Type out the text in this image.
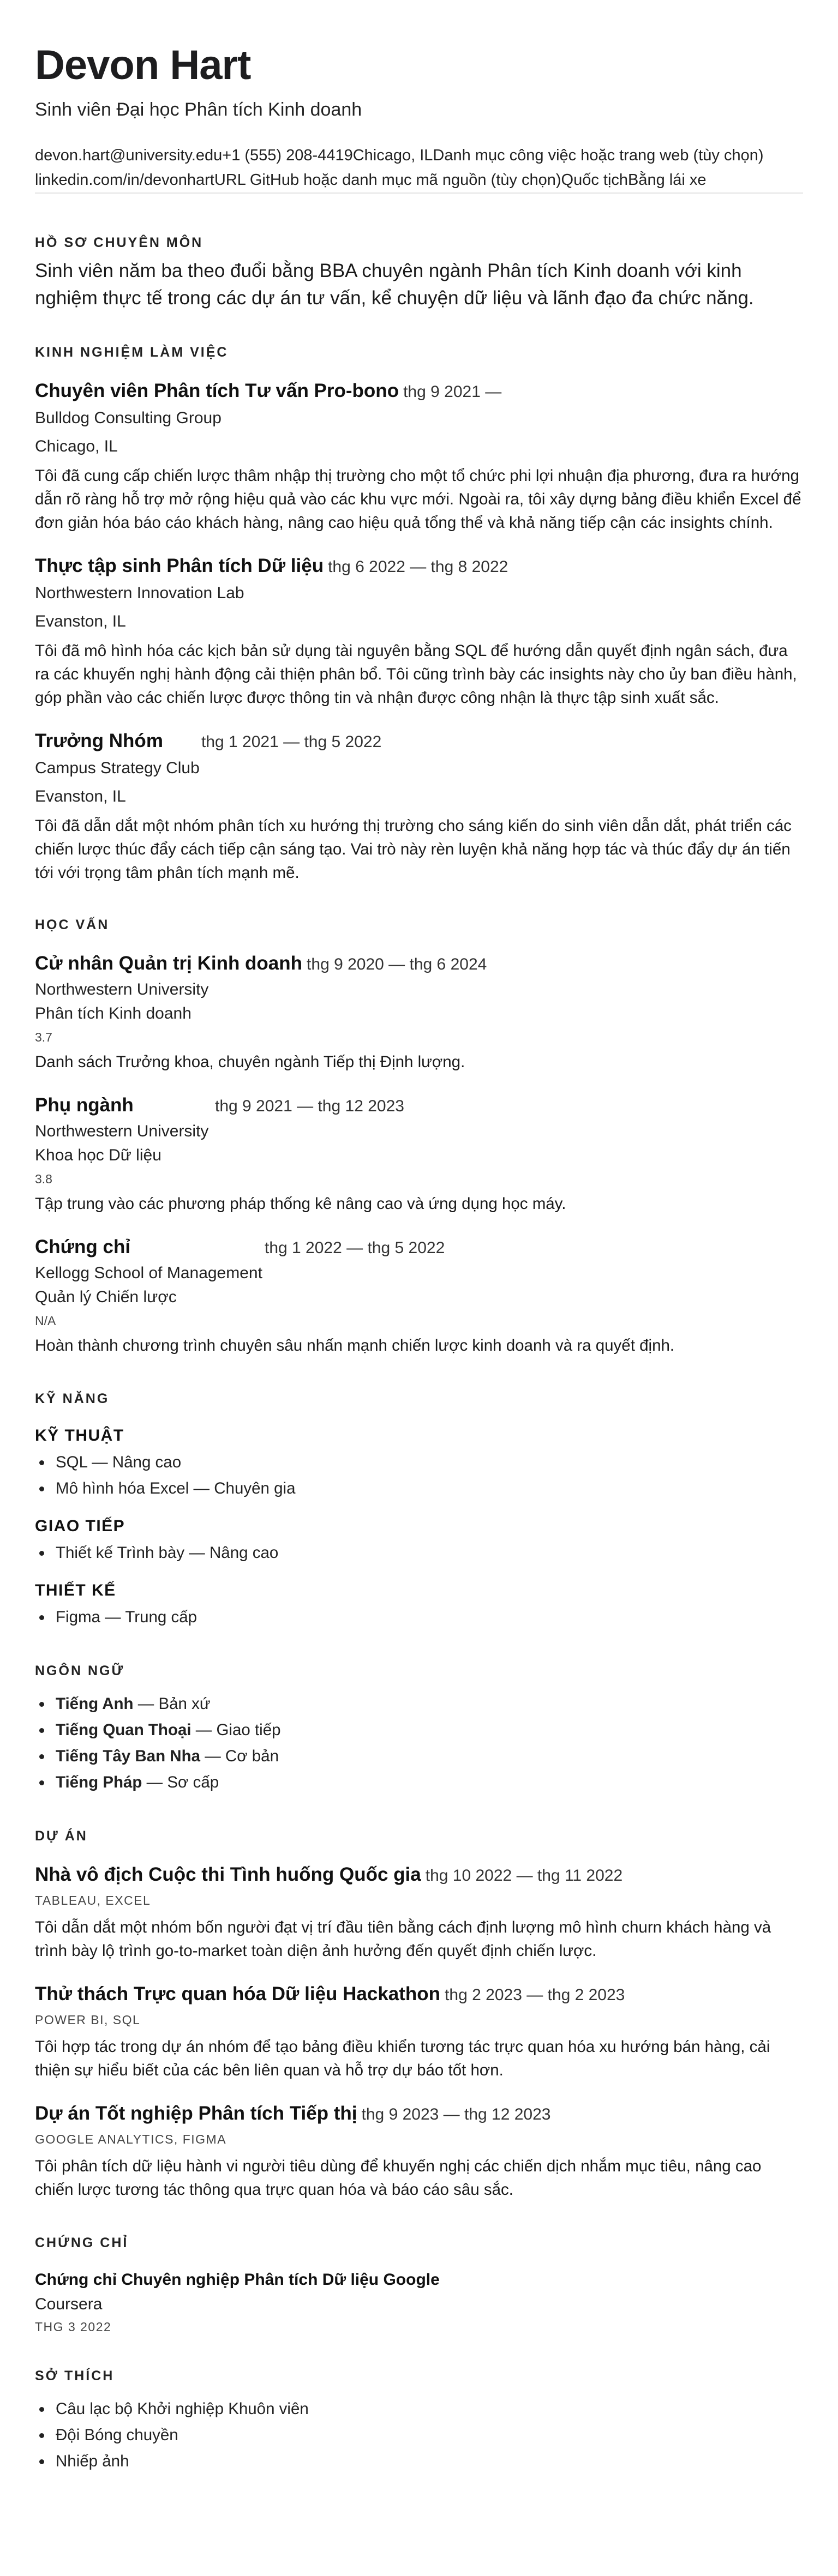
Devon Hart
Sinh viên Đại học Phân tích Kinh doanh
devon.hart@university.edu+1 (555) 208-4419Chicago, ILDanh mục công việc hoặc trang web (tùy chọn)
linkedin.com/in/devonhartURL GitHub hoặc danh mục mã nguồn (tùy chọn)Quốc tịchBằng lái xe
HỒ SƠ CHUYÊN MÔN

Sinh viên năm ba theo đuổi bằng BBA chuyên ngành Phân tích Kinh doanh với kinh nghiệm thực tế trong các dự án tư vấn, kể chuyện dữ liệu và lãnh đạo đa chức năng.

KINH NGHIỆM LÀM VIỆC
Chuyên viên Phân tích Tư vấn Pro-bono thg 9 2021 —
Bulldog Consulting Group
Chicago, IL
Tôi đã cung cấp chiến lược thâm nhập thị trường cho một tổ chức phi lợi nhuận địa phương, đưa ra hướng dẫn rõ ràng hỗ trợ mở rộng hiệu quả vào các khu vực mới. Ngoài ra, tôi xây dựng bảng điều khiển Excel để đơn giản hóa báo cáo khách hàng, nâng cao hiệu quả tổng thể và khả năng tiếp cận các insights chính.
Thực tập sinh Phân tích Dữ liệu thg 6 2022 — thg 8 2022
Northwestern Innovation Lab
Evanston, IL
Tôi đã mô hình hóa các kịch bản sử dụng tài nguyên bằng SQL để hướng dẫn quyết định ngân sách, đưa ra các khuyến nghị hành động cải thiện phân bổ. Tôi cũng trình bày các insights này cho ủy ban điều hành, góp phần vào các chiến lược được thông tin và nhận được công nhận là thực tập sinh xuất sắc.
Trưởng Nhóm	thg 1 2021 — thg 5 2022
Campus Strategy Club
Evanston, IL
Tôi đã dẫn dắt một nhóm phân tích xu hướng thị trường cho sáng kiến do sinh viên dẫn dắt, phát triển các chiến lược thúc đẩy cách tiếp cận sáng tạo. Vai trò này rèn luyện khả năng hợp tác và thúc đẩy dự án tiến tới với trọng tâm phân tích mạnh mẽ.
HỌC VẤN
Cử nhân Quản trị Kinh doanh thg 9 2020 — thg 6 2024
Northwestern University
Phân tích Kinh doanh
3.7
Danh sách Trưởng khoa, chuyên ngành Tiếp thị Định lượng.
Phụ ngành	thg 9 2021 — thg 12 2023
Northwestern University
Khoa học Dữ liệu
3.8
Tập trung vào các phương pháp thống kê nâng cao và ứng dụng học máy.
Chứng chỉ	thg 1 2022 — thg 5 2022
Kellogg School of Management
Quản lý Chiến lược
N/A
Hoàn thành chương trình chuyên sâu nhấn mạnh chiến lược kinh doanh và ra quyết định.
KỸ NĂNG
KỸ THUẬT
SQL — Nâng cao
Mô hình hóa Excel — Chuyên gia
GIAO TIẾP
Thiết kế Trình bày — Nâng cao
THIẾT KẾ
Figma — Trung cấp
NGÔN NGỮ
Tiếng Anh — Bản xứ
Tiếng Quan Thoại — Giao tiếp
Tiếng Tây Ban Nha — Cơ bản
Tiếng Pháp — Sơ cấp
DỰ ÁN
Nhà vô địch Cuộc thi Tình huống Quốc gia thg 10 2022 — thg 11 2022
TABLEAU, EXCEL
Tôi dẫn dắt một nhóm bốn người đạt vị trí đầu tiên bằng cách định lượng mô hình churn khách hàng và trình bày lộ trình go-to-market toàn diện ảnh hưởng đến quyết định chiến lược.
Thử thách Trực quan hóa Dữ liệu Hackathon thg 2 2023 — thg 2 2023
POWER BI, SQL
Tôi hợp tác trong dự án nhóm để tạo bảng điều khiển tương tác trực quan hóa xu hướng bán hàng, cải thiện sự hiểu biết của các bên liên quan và hỗ trợ dự báo tốt hơn.
Dự án Tốt nghiệp Phân tích Tiếp thị thg 9 2023 — thg 12 2023
GOOGLE ANALYTICS, FIGMA
Tôi phân tích dữ liệu hành vi người tiêu dùng để khuyến nghị các chiến dịch nhắm mục tiêu, nâng cao chiến lược tương tác thông qua trực quan hóa và báo cáo sâu sắc.
CHỨNG CHỈ
Chứng chỉ Chuyên nghiệp Phân tích Dữ liệu Google
Coursera
THG 3 2022
SỞ THÍCH
Câu lạc bộ Khởi nghiệp Khuôn viên
Đội Bóng chuyền
Nhiếp ảnh
